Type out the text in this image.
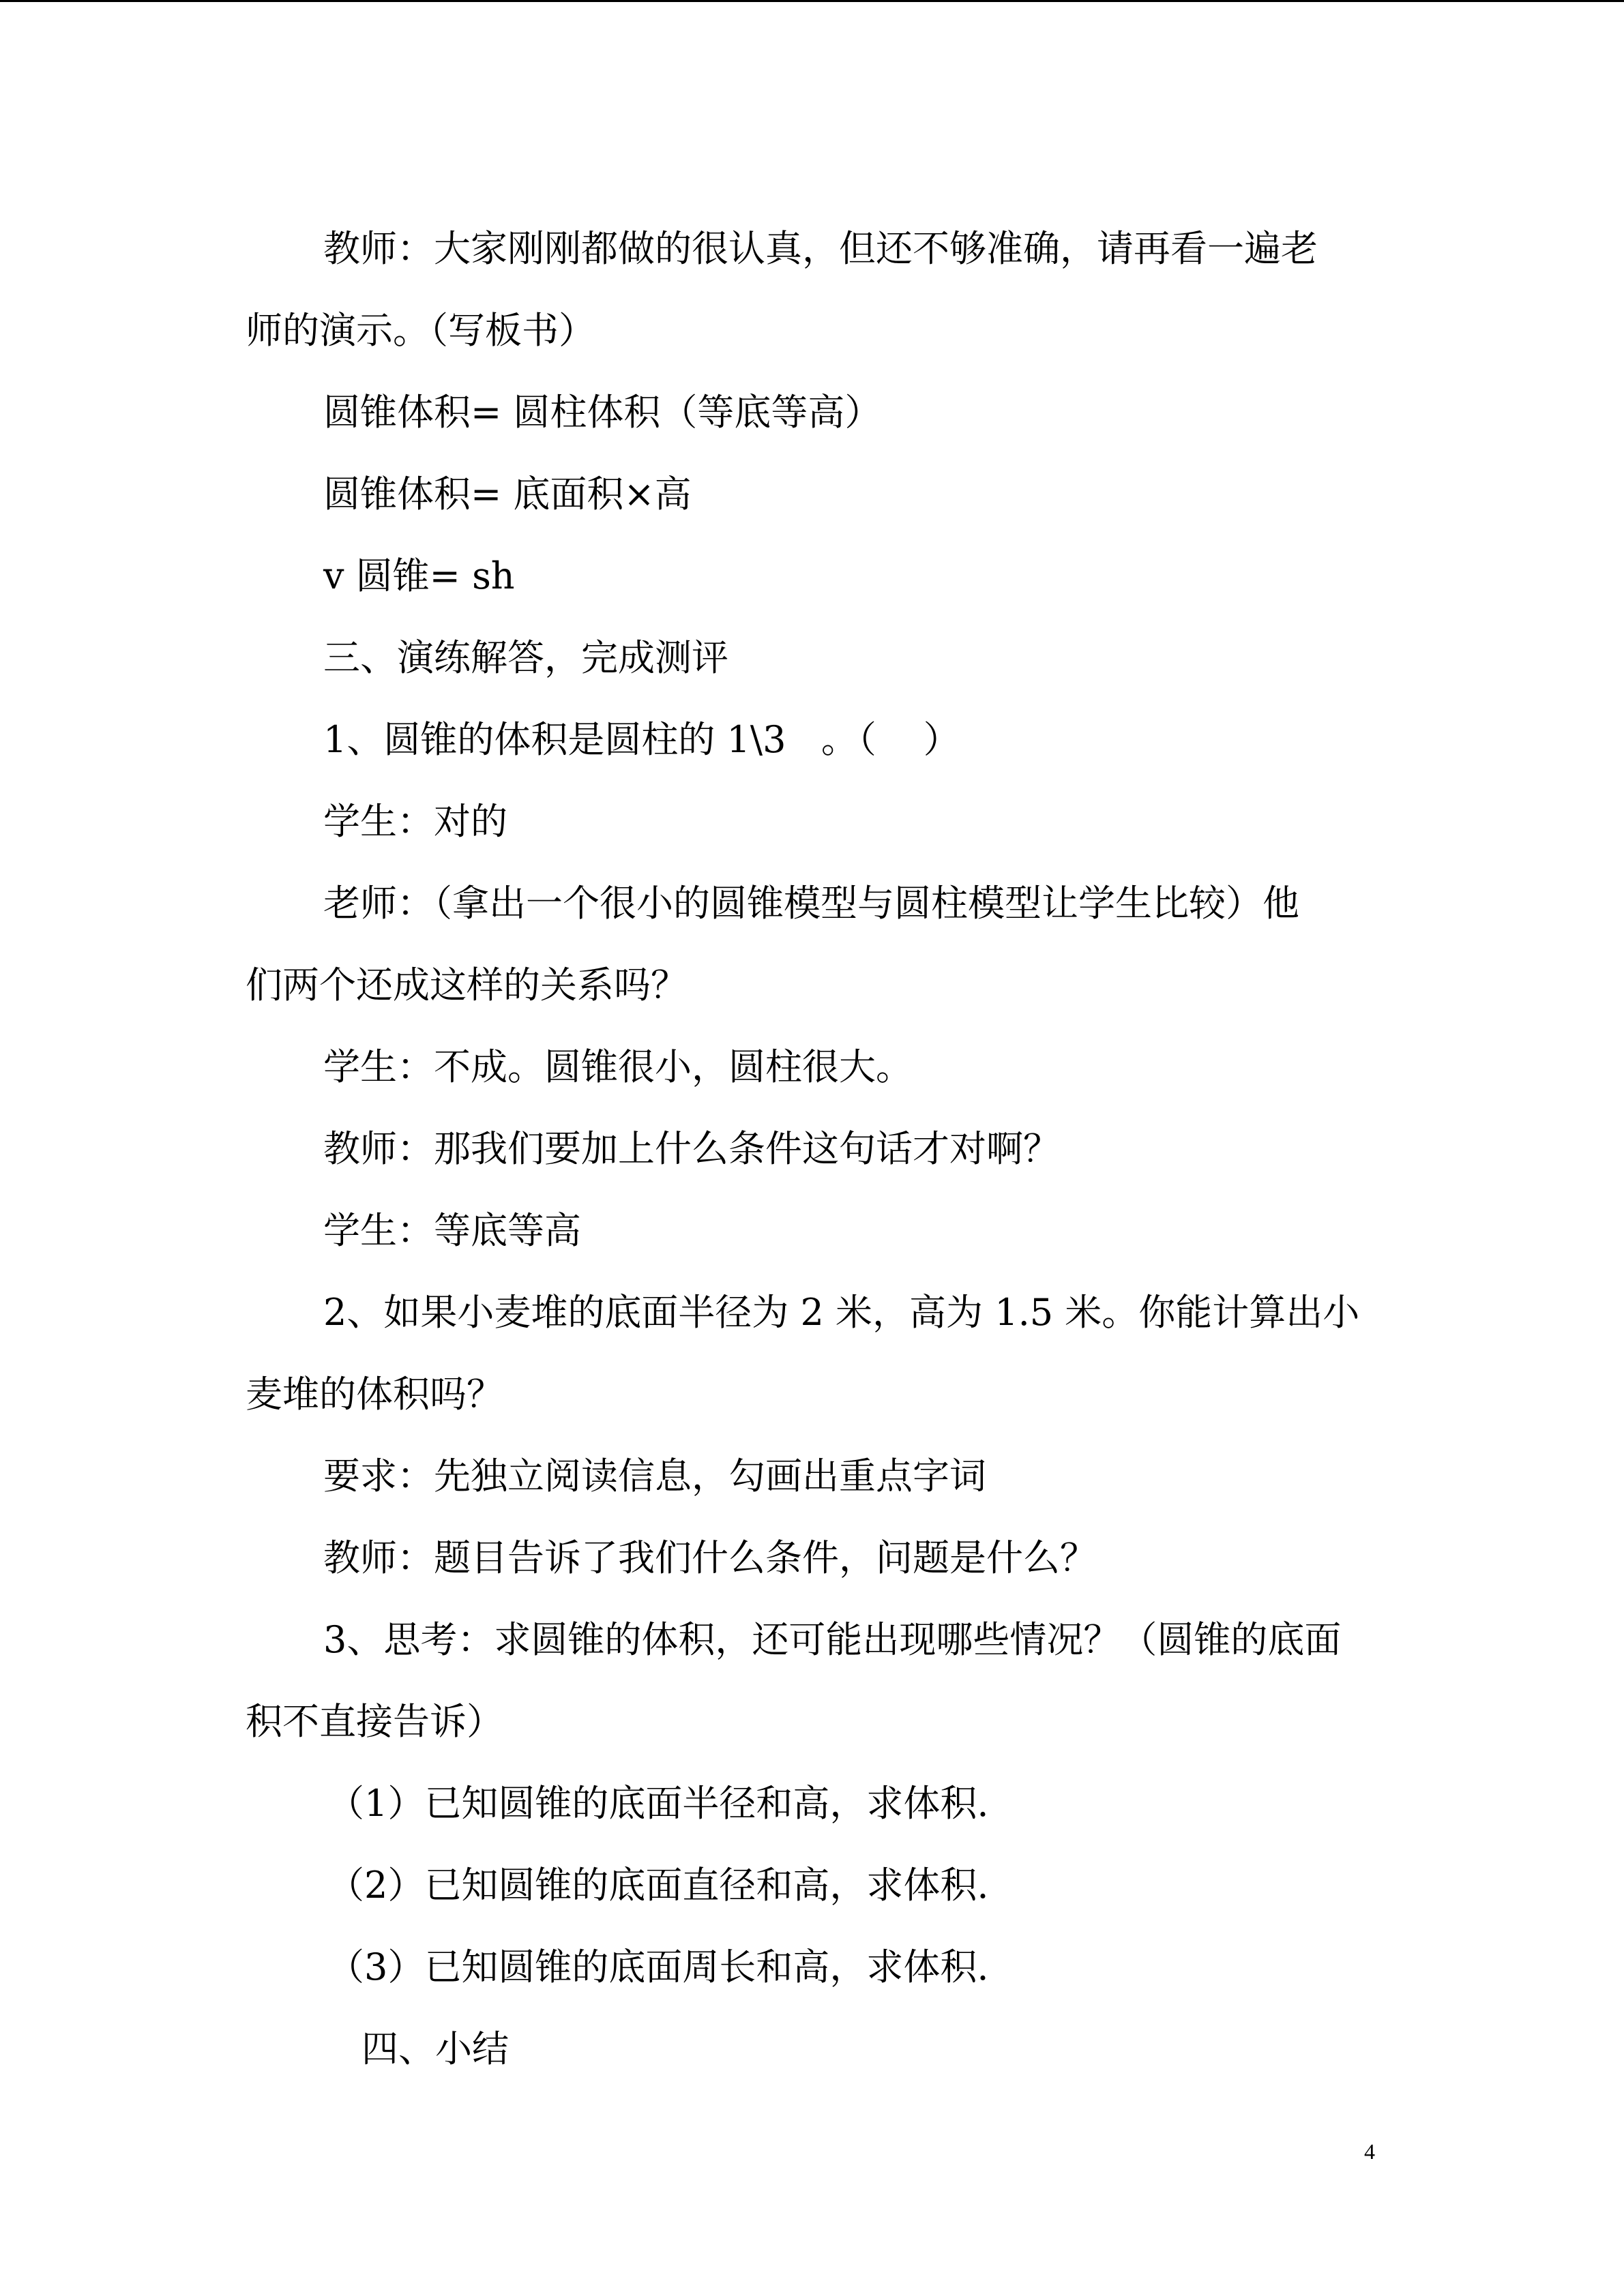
教师：大家刚刚都做的很认真，但还不够准确，请再看一遍老
师的演示。（写板书）
圆锥体积= 圆柱体积（等底等高）
圆锥体积= 底面积×高
v 圆锥= sh
三、演练解答，完成测评
1、圆锥的体积是圆柱的 1\3   。（    ）
学生：对的
老师：（拿出一个很小的圆锥模型与圆柱模型让学生比较）他
们两个还成这样的关系吗？
学生：不成。圆锥很小，圆柱很大。
教师：那我们要加上什么条件这句话才对啊？
学生：等底等高
2、如果小麦堆的底面半径为 2 米，高为 1.5 米。你能计算出小
麦堆的体积吗？
要求：先独立阅读信息，勾画出重点字词
教师：题目告诉了我们什么条件，问题是什么？
3、思考：求圆锥的体积，还可能出现哪些情况？（圆锥的底面
积不直接告诉）
（1）已知圆锥的底面半径和高，求体积.
（2）已知圆锥的底面直径和高，求体积.
（3）已知圆锥的底面周长和高，求体积.
四、小结
4
